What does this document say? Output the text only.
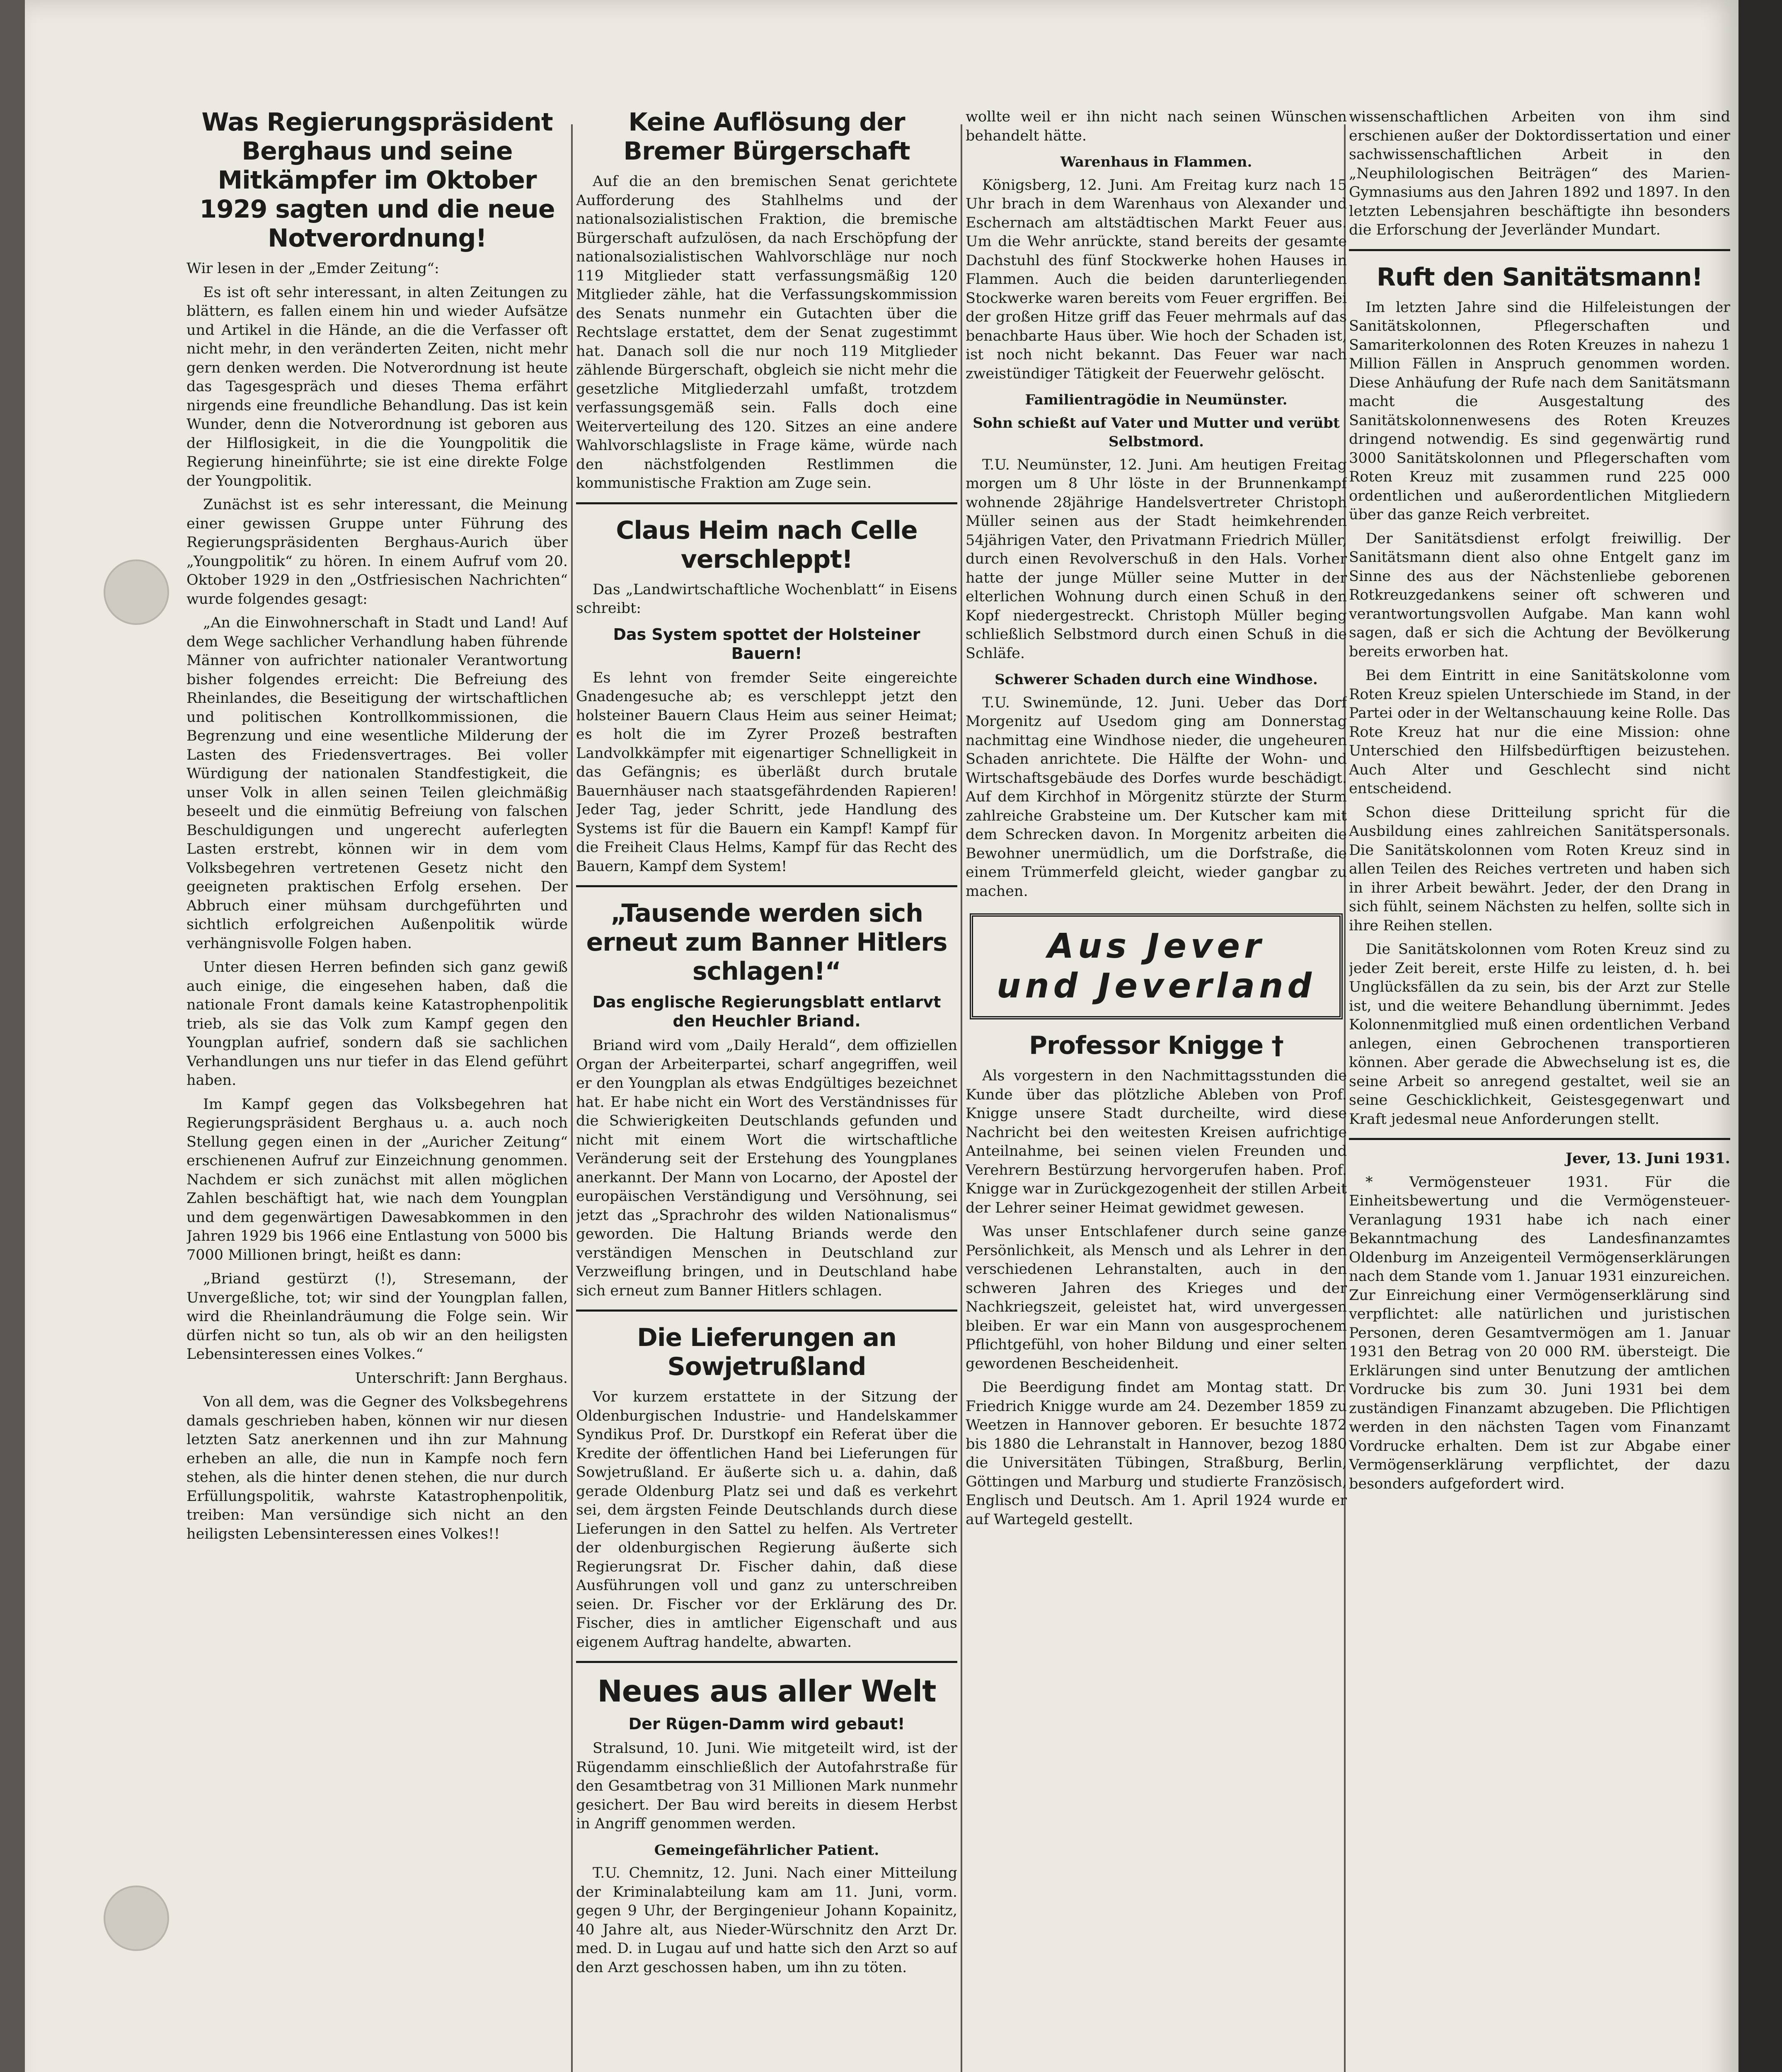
Was Regierungspräsident Berghaus und seine Mitkämpfer im Oktober 1929 sagten und die neue Notverordnung!

Wir lesen in der „Emder Zeitung“:

Es ist oft sehr interessant, in alten Zeitungen zu blättern, es fallen einem hin und wieder Aufsätze und Artikel in die Hände, an die die Verfasser oft nicht mehr, in den veränderten Zeiten, nicht mehr gern denken werden. Die Notverordnung ist heute das Tagesgespräch und dieses Thema erfährt nirgends eine freundliche Behandlung. Das ist kein Wunder, denn die Notverordnung ist geboren aus der Hilflosigkeit, in die die Youngpolitik die Regierung hineinführte; sie ist eine direkte Folge der Youngpolitik.

Zunächst ist es sehr interessant, die Meinung einer gewissen Gruppe unter Führung des Regierungspräsidenten Berghaus-Aurich über „Youngpolitik“ zu hören. In einem Aufruf vom 20. Oktober 1929 in den „Ostfriesischen Nachrichten“ wurde folgendes gesagt:

„An die Einwohnerschaft in Stadt und Land! Auf dem Wege sachlicher Verhandlung haben führende Männer von aufrichter nationaler Verantwortung bisher folgendes erreicht: Die Befreiung des Rheinlandes, die Beseitigung der wirtschaftlichen und politischen Kontrollkommissionen, die Begrenzung und eine wesentliche Milderung der Lasten des Friedensvertrages. Bei voller Würdigung der nationalen Standfestigkeit, die unser Volk in allen seinen Teilen gleichmäßig beseelt und die einmütig Befreiung von falschen Beschuldigungen und ungerecht auferlegten Lasten erstrebt, können wir in dem vom Volksbegehren vertretenen Gesetz nicht den geeigneten praktischen Erfolg ersehen. Der Abbruch einer mühsam durchgeführten und sichtlich erfolgreichen Außenpolitik würde verhängnisvolle Folgen haben.

Unter diesen Herren befinden sich ganz gewiß auch einige, die eingesehen haben, daß die nationale Front damals keine Katastrophenpolitik trieb, als sie das Volk zum Kampf gegen den Youngplan aufrief, sondern daß sie sachlichen Verhandlungen uns nur tiefer in das Elend geführt haben.

Im Kampf gegen das Volksbegehren hat Regierungspräsident Berghaus u. a. auch noch Stellung gegen einen in der „Auricher Zeitung“ erschienenen Aufruf zur Einzeichnung genommen. Nachdem er sich zunächst mit allen möglichen Zahlen beschäftigt hat, wie nach dem Youngplan und dem gegenwärtigen Dawesabkommen in den Jahren 1929 bis 1966 eine Entlastung von 5000 bis 7000 Millionen bringt, heißt es dann:

„Briand gestürzt (!), Stresemann, der Unvergeßliche, tot; wir sind der Youngplan fallen, wird die Rheinlandräumung die Folge sein. Wir dürfen nicht so tun, als ob wir an den heiligsten Lebensinteressen eines Volkes.“

Unterschrift: Jann Berghaus.

Von all dem, was die Gegner des Volksbegehrens damals geschrieben haben, können wir nur diesen letzten Satz anerkennen und ihn zur Mahnung erheben an alle, die nun in Kampfe noch fern stehen, als die hinter denen stehen, die nur durch Erfüllungspolitik, wahrste Katastrophenpolitik, treiben: Man versündige sich nicht an den heiligsten Lebensinteressen eines Volkes!!

Keine Auflösung der Bremer Bürgerschaft

Auf die an den bremischen Senat gerichtete Aufforderung des Stahlhelms und der nationalsozialistischen Fraktion, die bremische Bürgerschaft aufzulösen, da nach Erschöpfung der nationalsozialistischen Wahlvorschläge nur noch 119 Mitglieder statt verfassungsmäßig 120 Mitglieder zähle, hat die Verfassungskommission des Senats nunmehr ein Gutachten über die Rechtslage erstattet, dem der Senat zugestimmt hat. Danach soll die nur noch 119 Mitglieder zählende Bürgerschaft, obgleich sie nicht mehr die gesetzliche Mitgliederzahl umfaßt, trotzdem verfassungsgemäß sein. Falls doch eine Weiterverteilung des 120. Sitzes an eine andere Wahlvorschlagsliste in Frage käme, würde nach den nächstfolgenden Restlimmen die kommunistische Fraktion am Zuge sein.

Claus Heim nach Celle verschleppt!

Das „Landwirtschaftliche Wochenblatt“ in Eisens schreibt:

Das System spottet der Holsteiner Bauern!

Es lehnt von fremder Seite eingereichte Gnadengesuche ab; es verschleppt jetzt den holsteiner Bauern Claus Heim aus seiner Heimat; es holt die im Zyrer Prozeß bestraften Landvolkkämpfer mit eigenartiger Schnelligkeit in das Gefängnis; es überläßt durch brutale Bauernhäuser nach staatsgefährdenden Rapieren! Jeder Tag, jeder Schritt, jede Handlung des Systems ist für die Bauern ein Kampf! Kampf für die Freiheit Claus Helms, Kampf für das Recht des Bauern, Kampf dem System!

„Tausende werden sich erneut zum Banner Hitlers schlagen!“
Das englische Regierungsblatt entlarvt den Heuchler Briand.

Briand wird vom „Daily Herald“, dem offiziellen Organ der Arbeiterpartei, scharf angegriffen, weil er den Youngplan als etwas Endgültiges bezeichnet hat. Er habe nicht ein Wort des Verständnisses für die Schwierigkeiten Deutschlands gefunden und nicht mit einem Wort die wirtschaftliche Veränderung seit der Erstehung des Youngplanes anerkannt. Der Mann von Locarno, der Apostel der europäischen Verständigung und Versöhnung, sei jetzt das „Sprachrohr des wilden Nationalismus“ geworden. Die Haltung Briands werde den verständigen Menschen in Deutschland zur Verzweiflung bringen, und in Deutschland habe sich erneut zum Banner Hitlers schlagen.

Die Lieferungen an Sowjetrußland

Vor kurzem erstattete in der Sitzung der Oldenburgischen Industrie- und Handelskammer Syndikus Prof. Dr. Durstkopf ein Referat über die Kredite der öffentlichen Hand bei Lieferungen für Sowjetrußland. Er äußerte sich u. a. dahin, daß gerade Oldenburg Platz sei und daß es verkehrt sei, dem ärgsten Feinde Deutschlands durch diese Lieferungen in den Sattel zu helfen. Als Vertreter der oldenburgischen Regierung äußerte sich Regierungsrat Dr. Fischer dahin, daß diese Ausführungen voll und ganz zu unterschreiben seien. Dr. Fischer vor der Erklärung des Dr. Fischer, dies in amtlicher Eigenschaft und aus eigenem Auftrag handelte, abwarten.

Neues aus aller Welt
Der Rügen-Damm wird gebaut!

Stralsund, 10. Juni. Wie mitgeteilt wird, ist der Rügendamm einschließlich der Autofahrstraße für den Gesamtbetrag von 31 Millionen Mark nunmehr gesichert. Der Bau wird bereits in diesem Herbst in Angriff genommen werden.

Gemeingefährlicher Patient.

T.U. Chemnitz, 12. Juni. Nach einer Mitteilung der Kriminalabteilung kam am 11. Juni, vorm. gegen 9 Uhr, der Bergingenieur Johann Kopainitz, 40 Jahre alt, aus Nieder-Würschnitz den Arzt Dr. med. D. in Lugau auf und hatte sich den Arzt so auf den Arzt geschossen haben, um ihn zu töten.

wollte weil er ihn nicht nach seinen Wünschen behandelt hätte.

Warenhaus in Flammen.

Königsberg, 12. Juni. Am Freitag kurz nach 15 Uhr brach in dem Warenhaus von Alexander und Eschernach am altstädtischen Markt Feuer aus. Um die Wehr anrückte, stand bereits der gesamte Dachstuhl des fünf Stockwerke hohen Hauses in Flammen. Auch die beiden darunterliegenden Stockwerke waren bereits vom Feuer ergriffen. Bei der großen Hitze griff das Feuer mehrmals auf das benachbarte Haus über. Wie hoch der Schaden ist, ist noch nicht bekannt. Das Feuer war nach zweistündiger Tätigkeit der Feuerwehr gelöscht.

Familientragödie in Neumünster.
Sohn schießt auf Vater und Mutter und verübt Selbstmord.

T.U. Neumünster, 12. Juni. Am heutigen Freitag morgen um 8 Uhr löste in der Brunnenkampf wohnende 28jährige Handelsvertreter Christoph Müller seinen aus der Stadt heimkehrenden 54jährigen Vater, den Privatmann Friedrich Müller, durch einen Revolverschuß in den Hals. Vorher hatte der junge Müller seine Mutter in der elterlichen Wohnung durch einen Schuß in den Kopf niedergestreckt. Christoph Müller beging schließlich Selbstmord durch einen Schuß in die Schläfe.

Schwerer Schaden durch eine Windhose.

T.U. Swinemünde, 12. Juni. Ueber das Dorf Morgenitz auf Usedom ging am Donnerstag nachmittag eine Windhose nieder, die ungeheuren Schaden anrichtete. Die Hälfte der Wohn- und Wirtschaftsgebäude des Dorfes wurde beschädigt. Auf dem Kirchhof in Mörgenitz stürzte der Sturm zahlreiche Grabsteine um. Der Kutscher kam mit dem Schrecken davon. In Morgenitz arbeiten die Bewohner unermüdlich, um die Dorfstraße, die einem Trümmerfeld gleicht, wieder gangbar zu machen.

Aus Jever
und Jeverland
Professor Knigge †

Als vorgestern in den Nachmittagsstunden die Kunde über das plötzliche Ableben von Prof. Knigge unsere Stadt durcheilte, wird diese Nachricht bei den weitesten Kreisen aufrichtige Anteilnahme, bei seinen vielen Freunden und Verehrern Bestürzung hervorgerufen haben. Prof. Knigge war in Zurückgezogenheit der stillen Arbeit der Lehrer seiner Heimat gewidmet gewesen.

Was unser Entschlafener durch seine ganze Persönlichkeit, als Mensch und als Lehrer in den verschiedenen Lehranstalten, auch in den schweren Jahren des Krieges und der Nachkriegszeit, geleistet hat, wird unvergessen bleiben. Er war ein Mann von ausgesprochenem Pflichtgefühl, von hoher Bildung und einer selten gewordenen Bescheidenheit.

Die Beerdigung findet am Montag statt. Dr. Friedrich Knigge wurde am 24. Dezember 1859 zu Weetzen in Hannover geboren. Er besuchte 1872 bis 1880 die Lehranstalt in Hannover, bezog 1880 die Universitäten Tübingen, Straßburg, Berlin, Göttingen und Marburg und studierte Französisch, Englisch und Deutsch. Am 1. April 1924 wurde er auf Wartegeld gestellt.

wissenschaftlichen Arbeiten von ihm sind erschienen außer der Doktordissertation und einer sachwissenschaftlichen Arbeit in den „Neuphilologischen Beiträgen“ des Marien-Gymnasiums aus den Jahren 1892 und 1897. In den letzten Lebensjahren beschäftigte ihn besonders die Erforschung der Jeverländer Mundart.

Ruft den Sanitätsmann!

Im letzten Jahre sind die Hilfeleistungen der Sanitätskolonnen, Pflegerschaften und Samariterkolonnen des Roten Kreuzes in nahezu 1 Million Fällen in Anspruch genommen worden. Diese Anhäufung der Rufe nach dem Sanitätsmann macht die Ausgestaltung des Sanitätskolonnenwesens des Roten Kreuzes dringend notwendig. Es sind gegenwärtig rund 3000 Sanitätskolonnen und Pflegerschaften vom Roten Kreuz mit zusammen rund 225 000 ordentlichen und außerordentlichen Mitgliedern über das ganze Reich verbreitet.

Der Sanitätsdienst erfolgt freiwillig. Der Sanitätsmann dient also ohne Entgelt ganz im Sinne des aus der Nächstenliebe geborenen Rotkreuzgedankens seiner oft schweren und verantwortungsvollen Aufgabe. Man kann wohl sagen, daß er sich die Achtung der Bevölkerung bereits erworben hat.

Bei dem Eintritt in eine Sanitätskolonne vom Roten Kreuz spielen Unterschiede im Stand, in der Partei oder in der Weltanschauung keine Rolle. Das Rote Kreuz hat nur die eine Mission: ohne Unterschied den Hilfsbedürftigen beizustehen. Auch Alter und Geschlecht sind nicht entscheidend.

Schon diese Dritteilung spricht für die Ausbildung eines zahlreichen Sanitätspersonals. Die Sanitätskolonnen vom Roten Kreuz sind in allen Teilen des Reiches vertreten und haben sich in ihrer Arbeit bewährt. Jeder, der den Drang in sich fühlt, seinem Nächsten zu helfen, sollte sich in ihre Reihen stellen.

Die Sanitätskolonnen vom Roten Kreuz sind zu jeder Zeit bereit, erste Hilfe zu leisten, d. h. bei Unglücksfällen da zu sein, bis der Arzt zur Stelle ist, und die weitere Behandlung übernimmt. Jedes Kolonnenmitglied muß einen ordentlichen Verband anlegen, einen Gebrochenen transportieren können. Aber gerade die Abwechselung ist es, die seine Arbeit so anregend gestaltet, weil sie an seine Geschicklichkeit, Geistesgegenwart und Kraft jedesmal neue Anforderungen stellt.

Jever, 13. Juni 1931.

* Vermögensteuer 1931. Für die Einheitsbewertung und die Vermögensteuer-Veranlagung 1931 habe ich nach einer Bekanntmachung des Landesfinanzamtes Oldenburg im Anzeigenteil Vermögenserklärungen nach dem Stande vom 1. Januar 1931 einzureichen. Zur Einreichung einer Vermögenserklärung sind verpflichtet: alle natürlichen und juristischen Personen, deren Gesamtvermögen am 1. Januar 1931 den Betrag von 20 000 RM. übersteigt. Die Erklärungen sind unter Benutzung der amtlichen Vordrucke bis zum 30. Juni 1931 bei dem zuständigen Finanzamt abzugeben. Die Pflichtigen werden in den nächsten Tagen vom Finanzamt Vordrucke erhalten. Dem ist zur Abgabe einer Vermögenserklärung verpflichtet, der dazu besonders aufgefordert wird.
